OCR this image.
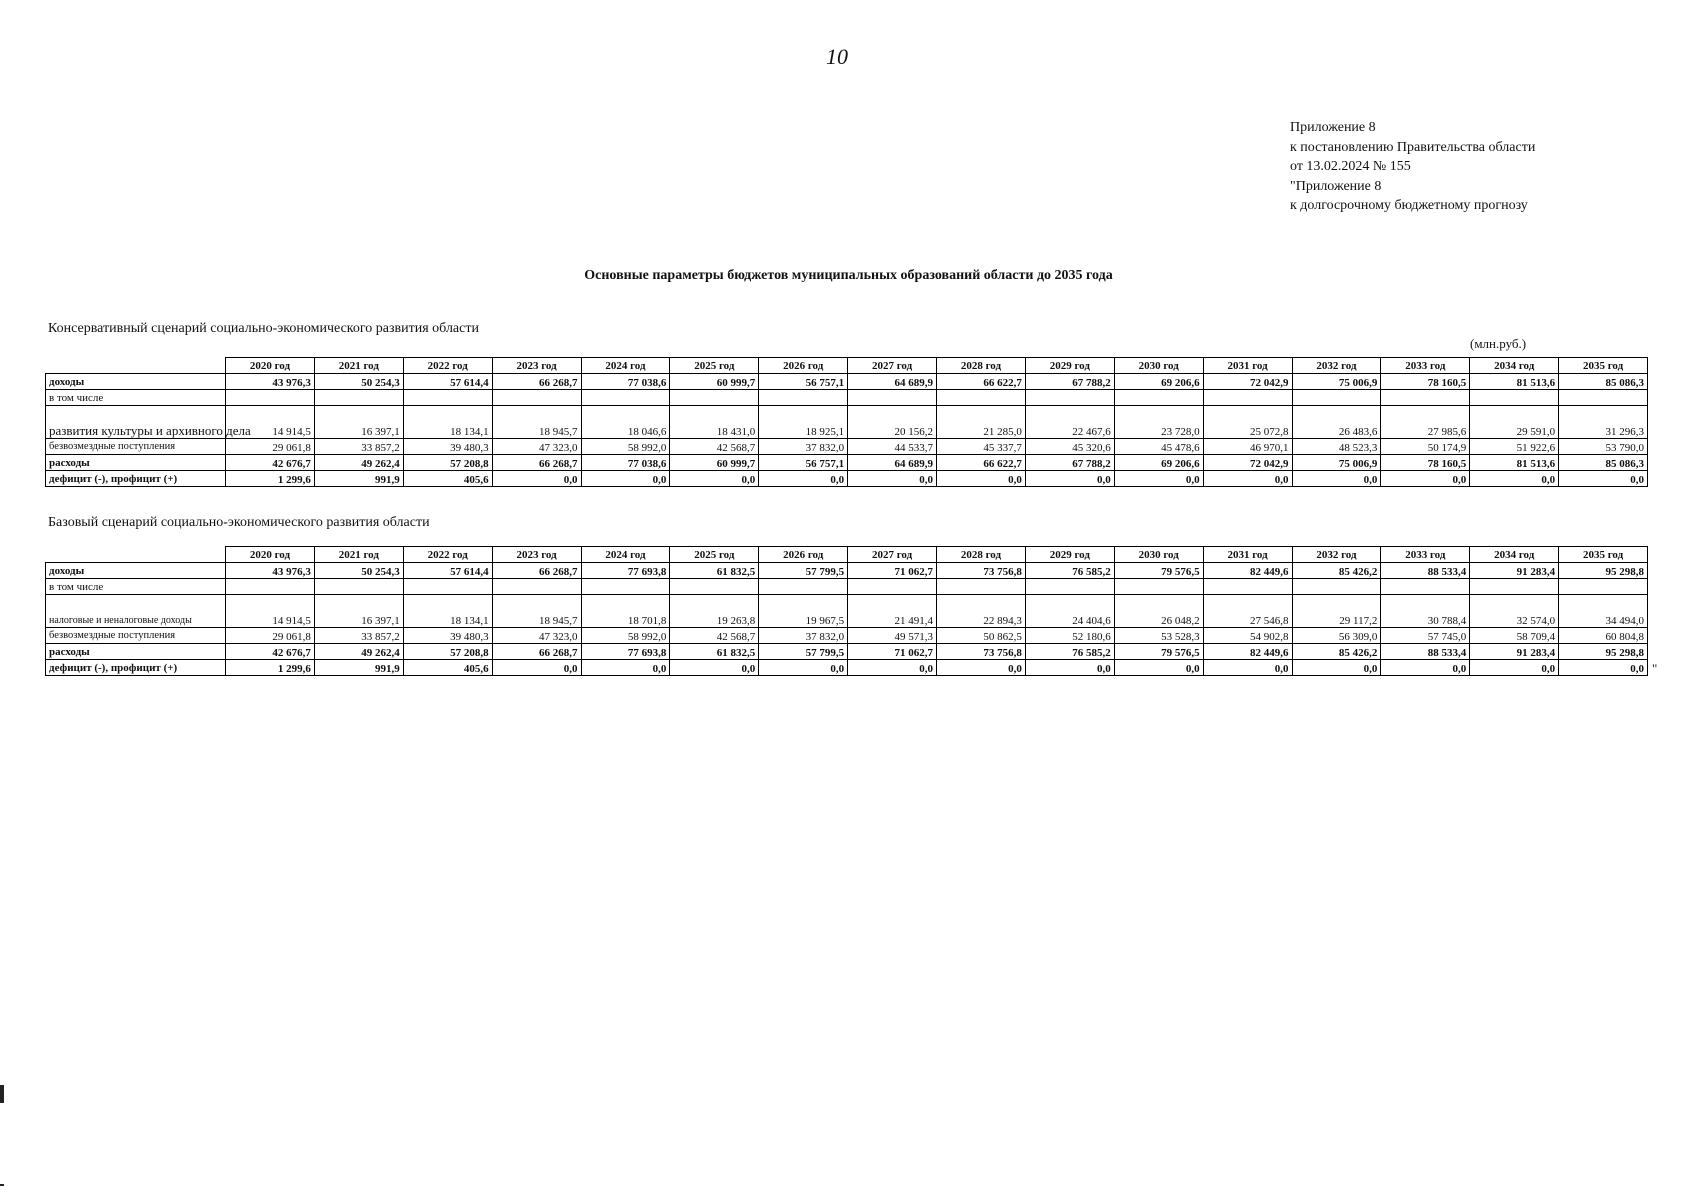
10
Приложение 8
к постановлению Правительства области
от 13.02.2024 № 155
"Приложение 8
к долгосрочному бюджетному прогнозу
Основные параметры бюджетов муниципальных образований области до 2035 года
Консервативный сценарий социально-экономического развития области
(млн.руб.)
	2020 год	2021 год	2022 год	2023 год	2024 год	2025 год	2026 год	2027 год	2028 год	2029 год	2030 год	2031 год	2032 год	2033 год	2034 год	2035 год
доходы	43 976,3	50 254,3	57 614,4	66 268,7	77 038,6	60 999,7	56 757,1	64 689,9	66 622,7	67 788,2	69 206,6	72 042,9	75 006,9	78 160,5	81 513,6	85 086,3
в том числе																
развития культуры и архивного дела	14 914,5	16 397,1	18 134,1	18 945,7	18 046,6	18 431,0	18 925,1	20 156,2	21 285,0	22 467,6	23 728,0	25 072,8	26 483,6	27 985,6	29 591,0	31 296,3
безвозмездные поступления	29 061,8	33 857,2	39 480,3	47 323,0	58 992,0	42 568,7	37 832,0	44 533,7	45 337,7	45 320,6	45 478,6	46 970,1	48 523,3	50 174,9	51 922,6	53 790,0
расходы	42 676,7	49 262,4	57 208,8	66 268,7	77 038,6	60 999,7	56 757,1	64 689,9	66 622,7	67 788,2	69 206,6	72 042,9	75 006,9	78 160,5	81 513,6	85 086,3
дефицит (-), профицит (+)	1 299,6	991,9	405,6	0,0	0,0	0,0	0,0	0,0	0,0	0,0	0,0	0,0	0,0	0,0	0,0	0,0
Базовый сценарий социально-экономического развития области
	2020 год	2021 год	2022 год	2023 год	2024 год	2025 год	2026 год	2027 год	2028 год	2029 год	2030 год	2031 год	2032 год	2033 год	2034 год	2035 год
доходы	43 976,3	50 254,3	57 614,4	66 268,7	77 693,8	61 832,5	57 799,5	71 062,7	73 756,8	76 585,2	79 576,5	82 449,6	85 426,2	88 533,4	91 283,4	95 298,8
в том числе																
налоговые и неналоговые доходы	14 914,5	16 397,1	18 134,1	18 945,7	18 701,8	19 263,8	19 967,5	21 491,4	22 894,3	24 404,6	26 048,2	27 546,8	29 117,2	30 788,4	32 574,0	34 494,0
безвозмездные поступления	29 061,8	33 857,2	39 480,3	47 323,0	58 992,0	42 568,7	37 832,0	49 571,3	50 862,5	52 180,6	53 528,3	54 902,8	56 309,0	57 745,0	58 709,4	60 804,8
расходы	42 676,7	49 262,4	57 208,8	66 268,7	77 693,8	61 832,5	57 799,5	71 062,7	73 756,8	76 585,2	79 576,5	82 449,6	85 426,2	88 533,4	91 283,4	95 298,8
дефицит (-), профицит (+)	1 299,6	991,9	405,6	0,0	0,0	0,0	0,0	0,0	0,0	0,0	0,0	0,0	0,0	0,0	0,0	0,0 "
